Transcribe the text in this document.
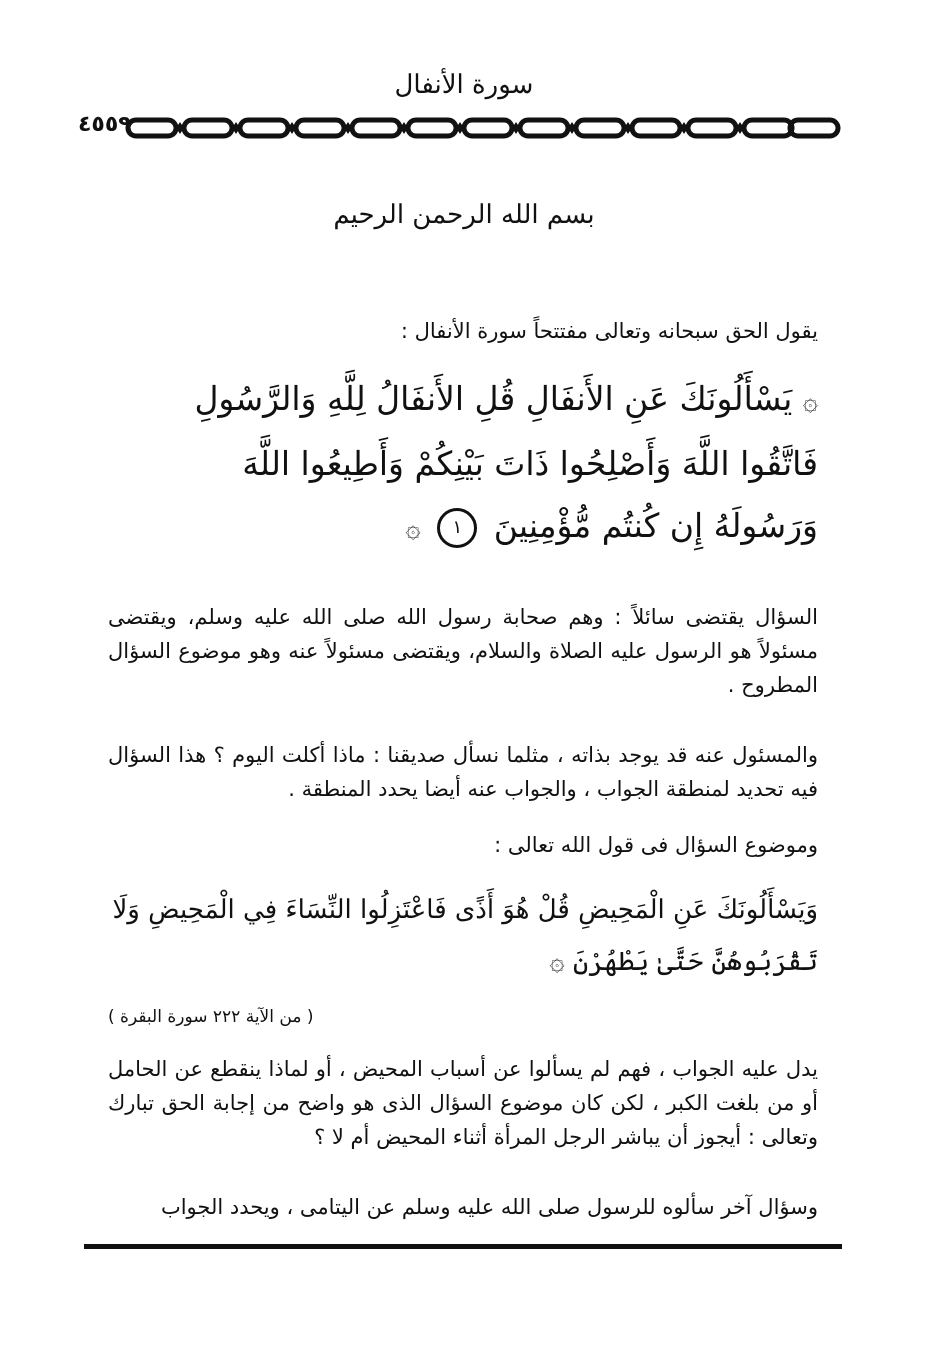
سورة الأنفال
٤٥٥٩
بسم الله الرحمن الرحيم
يقول الحق سبحانه وتعالى مفتتحاً سورة الأنفال :
۞ يَسْأَلُونَكَ عَنِ الأَنفَالِ قُلِ الأَنفَالُ لِلَّهِ وَالرَّسُولِ
فَاتَّقُوا اللَّهَ وَأَصْلِحُوا ذَاتَ بَيْنِكُمْ وَأَطِيعُوا اللَّهَ
وَرَسُولَهُ إِن كُنتُم مُّؤْمِنِينَ ١ ۞
السؤال يقتضى سائلاً : وهم صحابة رسول الله صلى الله عليه وسلم، ويقتضى مسئولاً هو الرسول عليه الصلاة والسلام، ويقتضى مسئولاً عنه وهو موضوع السؤال المطروح .
والمسئول عنه قد يوجد بذاته ، مثلما نسأل صديقنا : ماذا أكلت اليوم ؟ هذا السؤال فيه تحديد لمنطقة الجواب ، والجواب عنه أيضا يحدد المنطقة .
وموضوع السؤال فى قول الله تعالى :
وَيَسْأَلُونَكَ عَنِ الْمَحِيضِ قُلْ هُوَ أَذًى فَاعْتَزِلُوا النِّسَاءَ فِي الْمَحِيضِ وَلَا
تَقْرَبُوهُنَّ حَتَّىٰ يَطْهُرْنَ ۞
( من الآية ٢٢٢ سورة البقرة )
يدل عليه الجواب ، فهم لم يسألوا عن أسباب المحيض ، أو لماذا ينقطع عن الحامل أو من بلغت الكبر ، لكن كان موضوع السؤال الذى هو واضح من إجابة الحق تبارك وتعالى : أيجوز أن يباشر الرجل المرأة أثناء المحيض أم لا ؟
وسؤال آخر سألوه للرسول صلى الله عليه وسلم عن اليتامى ، ويحدد الجواب
